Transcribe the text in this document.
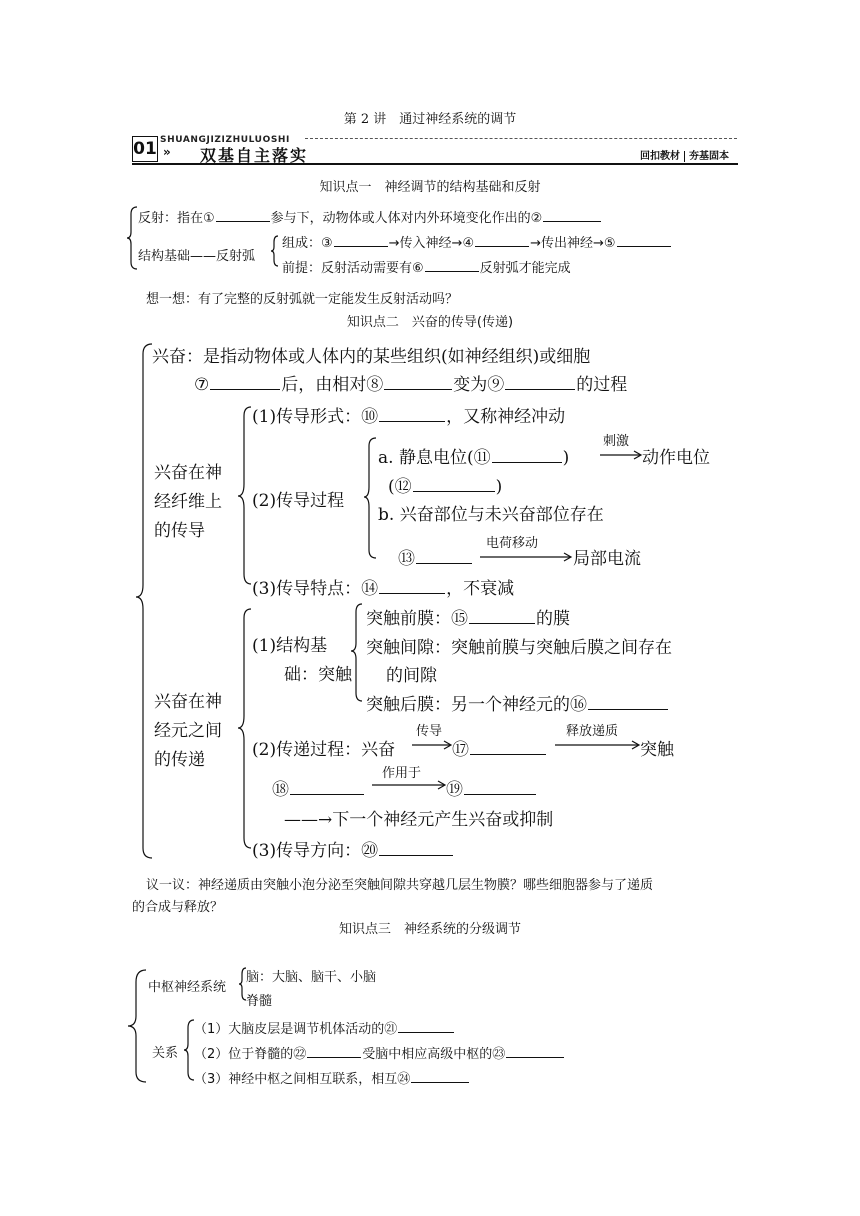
第 2 讲　通过神经系统的调节
01 SHUANGJIZIZHULUOSHI
» 双基自主落实	回扣教材 夯基固本
知识点一　神经调节的结构基础和反射
反射：指在①	参与下，动物体或人体对内外环境变化作出的②
结构基础——反射弧
组成：③	→传入神经→④	→传出神经→⑤
前提：反射活动需要有⑥	反射弧才能完成
想一想：有了完整的反射弧就一定能发生反射活动吗？
知识点二　兴奋的传导(传递)
兴奋：是指动物体或人体内的某些组织(如神经组织)或细胞
⑦	后，由相对⑧	变为⑨	的过程
兴奋在神
经纤维上
的传导
(1)传导形式：⑩	，又称神经冲动
(2)传导过程
a. 静息电位(⑪	)
刺激
动作电位
(⑫	)
b. 兴奋部位与未兴奋部位存在
⑬
电荷移动
局部电流
(3)传导特点：⑭	，不衰减
兴奋在神
经元之间
的传递
(1)结构基
础：突触
突触前膜：⑮	的膜
突触间隙：突触前膜与突触后膜之间存在
的间隙
突触后膜：另一个神经元的⑯
(2)传递过程：兴奋
传导
⑰
释放递质
突触
⑱
作用于
⑲
——→下一个神经元产生兴奋或抑制
(3)传导方向：⑳
议一议：神经递质由突触小泡分泌至突触间隙共穿越几层生物膜？哪些细胞器参与了递质
的合成与释放？
知识点三　神经系统的分级调节
中枢神经系统
脑：大脑、脑干、小脑
脊髓
关系
（1）大脑皮层是调节机体活动的㉑
（2）位于脊髓的㉒	受脑中相应高级中枢的㉓
（3）神经中枢之间相互联系，相互㉔
